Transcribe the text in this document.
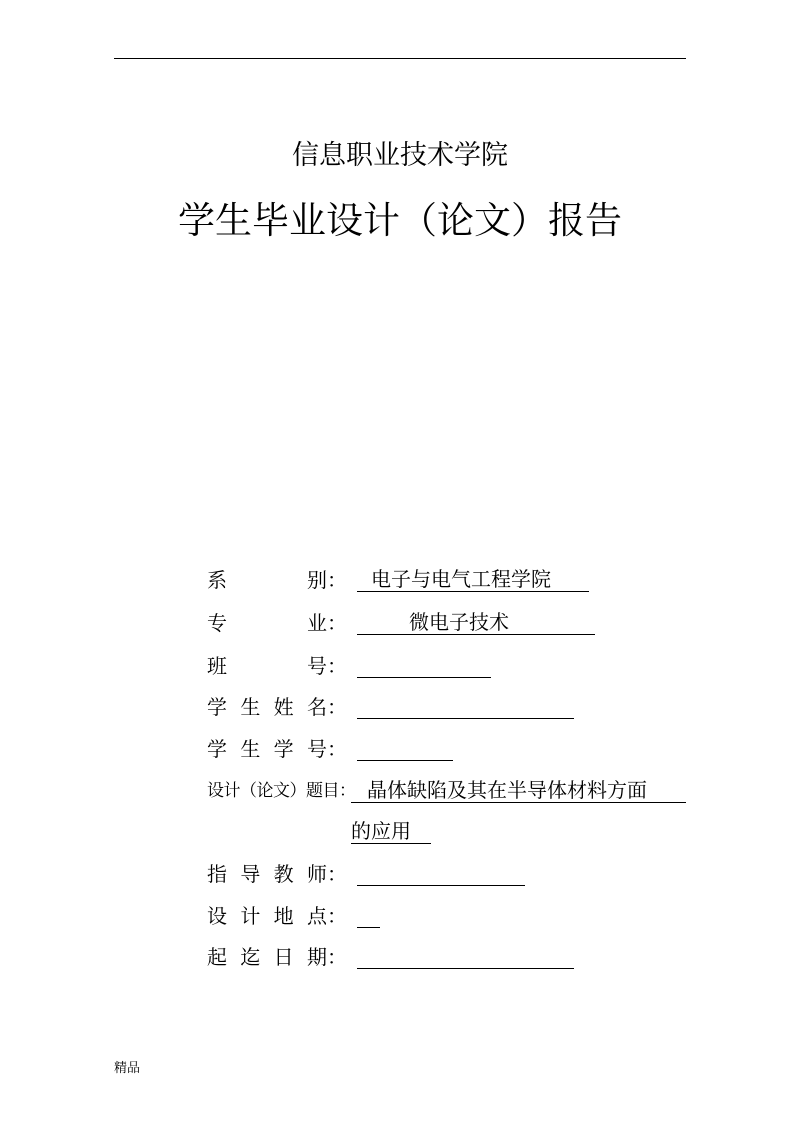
信息职业技术学院
学生毕业设计（论文）报告
系	别：	电子与电气工程学院
专	业：	微电子技术
班	号：
学 生 姓 名：
学 生 学 号：
设计（论文）题目： 晶体缺陷及其在半导体材料方面
的应用
指 导 教 师：
设 计 地 点：
起 迄 日 期：
精品
